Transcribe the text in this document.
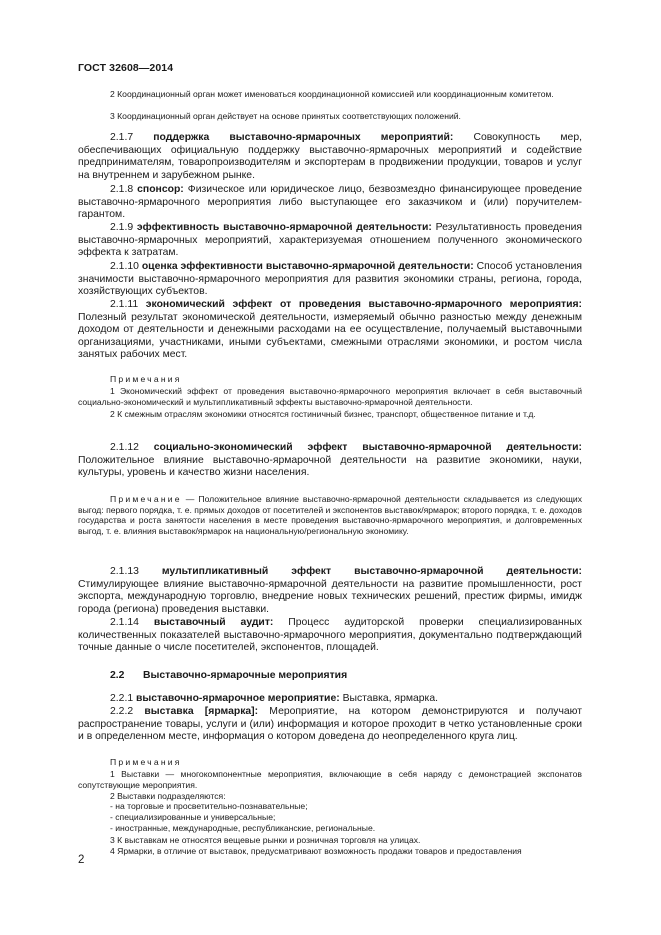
ГОСТ 32608—2014

2 Координационный орган может именоваться координационной комиссией или координационным комитетом.

3 Координационный орган действует на основе принятых соответствующих положений.

2.1.7 поддержка выставочно-ярмарочных мероприятий: Совокупность мер, обеспечивающих официальную поддержку выставочно-ярмарочных мероприятий и содействие предпринимателям, товаропроизводителям и экспортерам в продвижении продукции, товаров и услуг на внутреннем и зарубежном рынке.

2.1.8 спонсор: Физическое или юридическое лицо, безвозмездно финансирующее проведение выставочно-ярмарочного мероприятия либо выступающее его заказчиком и (или) поручителем-гарантом.

2.1.9 эффективность выставочно-ярмарочной деятельности: Результативность проведения выставочно-ярмарочных мероприятий, характеризуемая отношением полученного экономического эффекта к затратам.

2.1.10 оценка эффективности выставочно-ярмарочной деятельности: Способ установления значимости выставочно-ярмарочного мероприятия для развития экономики страны, региона, города, хозяйствующих субъектов.

2.1.11 экономический эффект от проведения выставочно-ярмарочного мероприятия: Полезный результат экономической деятельности, измеряемый обычно разностью между денежным доходом от деятельности и денежными расходами на ее осуществление, получаемый выставочными организациями, участниками, иными субъектами, смежными отраслями экономики, и ростом числа занятых рабочих мест.

Примечания

1 Экономический эффект от проведения выставочно-ярмарочного мероприятия включает в себя выставочный социально-экономический и мультипликативный эффекты выставочно-ярмарочной деятельности.

2 К смежным отраслям экономики относятся гостиничный бизнес, транспорт, общественное питание и т.д.

2.1.12 социально-экономический эффект выставочно-ярмарочной деятельности: Положительное влияние выставочно-ярмарочной деятельности на развитие экономики, науки, культуры, уровень и качество жизни населения.

Примечание — Положительное влияние выставочно-ярмарочной деятельности складывается из следующих выгод: первого порядка, т. е. прямых доходов от посетителей и экспонентов выставок/ярмарок; второго порядка, т. е. доходов государства и роста занятости населения в месте проведения выставочно-ярмарочного мероприятия, и долговременных выгод, т. е. влияния выставок/ярмарок на национальную/региональную экономику.

2.1.13 мультипликативный эффект выставочно-ярмарочной деятельности: Стимулирующее влияние выставочно-ярмарочной деятельности на развитие промышленности, рост экспорта, международную торговлю, внедрение новых технических решений, престиж фирмы, имидж города (региона) проведения выставки.

2.1.14 выставочный аудит: Процесс аудиторской проверки специализированных количественных показателей выставочно-ярмарочного мероприятия, документально подтверждающий точные данные о числе посетителей, экспонентов, площадей.

2.2 Выставочно-ярмарочные мероприятия

2.2.1 выставочно-ярмарочное мероприятие: Выставка, ярмарка.

2.2.2 выставка [ярмарка]: Мероприятие, на котором демонстрируются и получают распространение товары, услуги и (или) информация и которое проходит в четко установленные сроки и в определенном месте, информация о котором доведена до неопределенного круга лиц.

Примечания

1 Выставки — многокомпонентные мероприятия, включающие в себя наряду с демонстрацией экспонатов сопутствующие мероприятия.

2 Выставки подразделяются:
- на торговые и просветительно-познавательные;
- специализированные и универсальные;
- иностранные, международные, республиканские, региональные.
3 К выставкам не относятся вещевые рынки и розничная торговля на улицах.
4 Ярмарки, в отличие от выставок, предусматривают возможность продажи товаров и предоставления
2
